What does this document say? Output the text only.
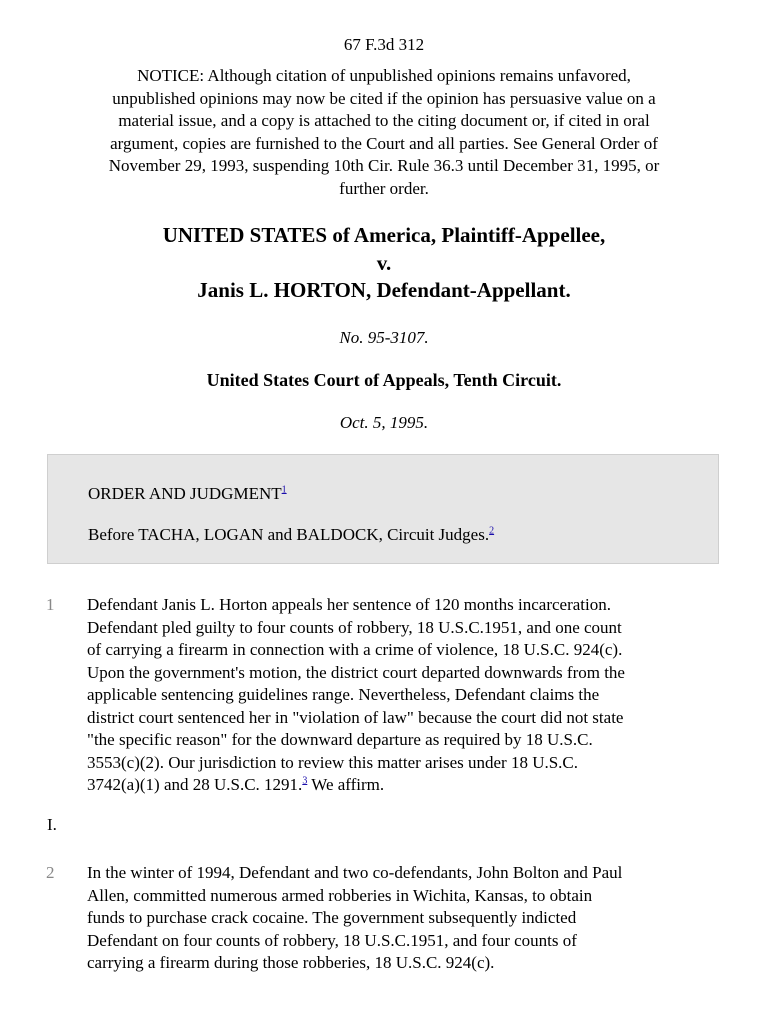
67 F.3d 312
NOTICE: Although citation of unpublished opinions remains unfavored,
unpublished opinions may now be cited if the opinion has persuasive value on a
material issue, and a copy is attached to the citing document or, if cited in oral
argument, copies are furnished to the Court and all parties. See General Order of
November 29, 1993, suspending 10th Cir. Rule 36.3 until December 31, 1995, or
further order.
UNITED STATES of America, Plaintiff-Appellee,
v.
Janis L. HORTON, Defendant-Appellant.
No. 95-3107.
United States Court of Appeals, Tenth Circuit.
Oct. 5, 1995.
ORDER AND JUDGMENT$^1$
Before TACHA, LOGAN and BALDOCK, Circuit Judges.$^2$
1 Defendant Janis L. Horton appeals her sentence of 120 months incarceration.
Defendant pled guilty to four counts of robbery, 18 U.S.C.1951, and one count
of carrying a firearm in connection with a crime of violence, 18 U.S.C. 924(c).
Upon the government's motion, the district court departed downwards from the
applicable sentencing guidelines range. Nevertheless, Defendant claims the
district court sentenced her in "violation of law" because the court did not state
"the specific reason" for the downward departure as required by 18 U.S.C.
3553(c)(2). Our jurisdiction to review this matter arises under 18 U.S.C.
3742(a)(1) and 28 U.S.C. 1291.$^3$ We affirm.
I.
2 In the winter of 1994, Defendant and two co-defendants, John Bolton and Paul
Allen, committed numerous armed robberies in Wichita, Kansas, to obtain
funds to purchase crack cocaine. The government subsequently indicted
Defendant on four counts of robbery, 18 U.S.C.1951, and four counts of
carrying a firearm during those robberies, 18 U.S.C. 924(c).
